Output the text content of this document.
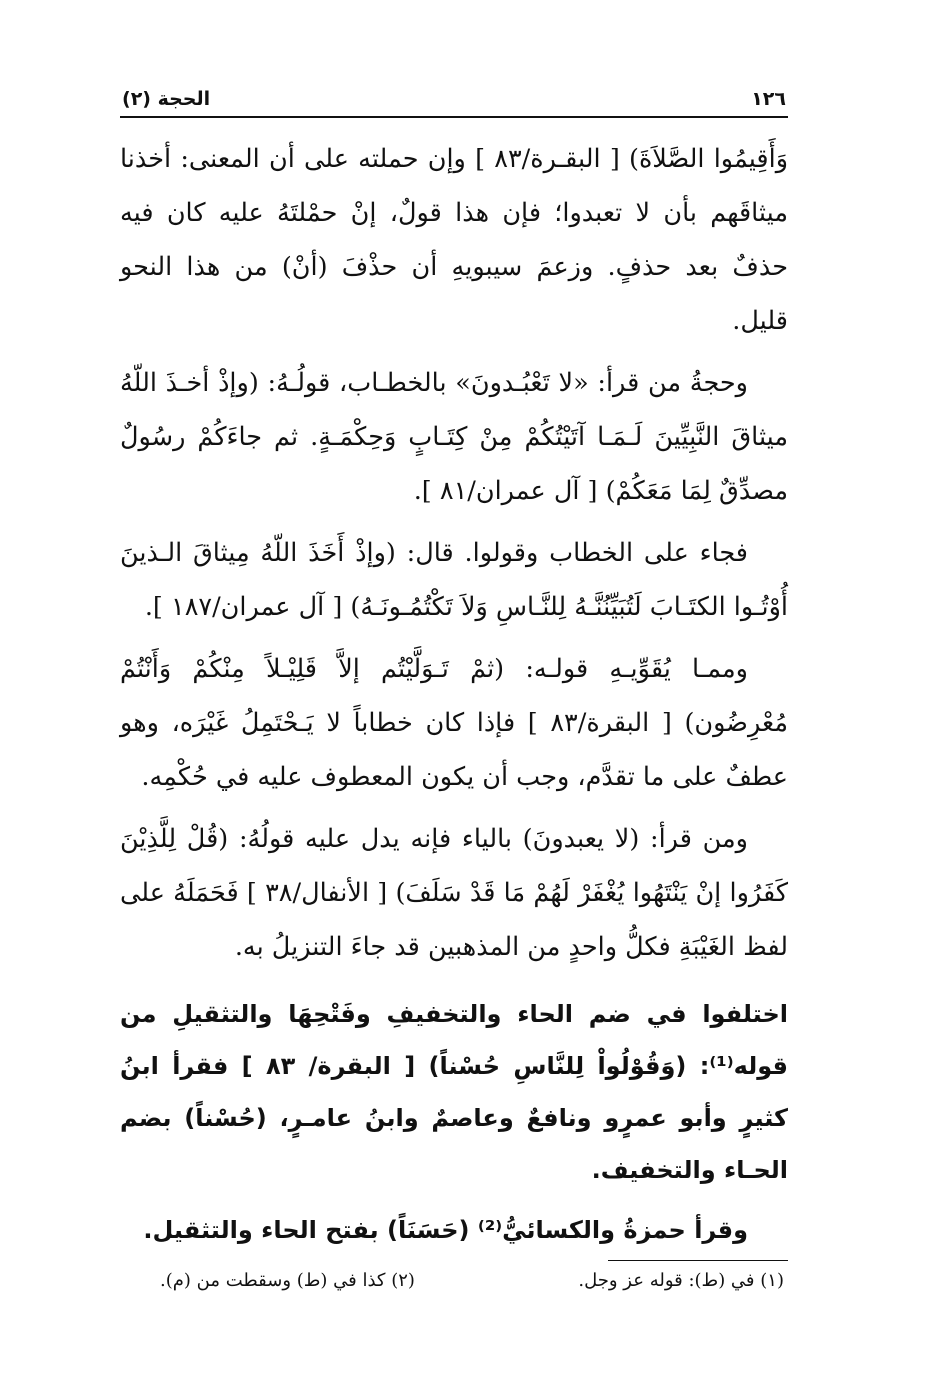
١٢٦
الحجة (٢)

وَأَقِيمُوا الصَّلاَةَ) [ البقـرة/٨٣ ] وإن حملته على أن المعنى: أخذنا ميثاقَهم بأن لا تعبدوا؛ فإن هذا قولٌ، إنْ حمْلتَهُ عليه كان فيه حذفٌ بعد حذفٍ. وزعمَ سيبويهِ أن حذْفَ (أنْ) من هذا النحو قليل.

وحجةُ من قرأ: «لا تَعْبُـدونَ» بالخطـاب، قولُـهُ: (وإذْ أخـذَ اللّهُ ميثاقَ النَّبِيِّينَ لَـمَـا آتَيْتُكُمْ مِنْ كِتَـابٍ وَحِكْمَـةٍ. ثم جاءَكُمْ رسُولٌ مصدِّقٌ لِمَا مَعَكُمْ) [ آل عمران/٨١ ].

فجاء على الخطاب وقولوا. قال: (وإذْ أَخَذَ اللّهُ مِيثاقَ الـذينَ أُوْتُـوا الكتَـابَ لَتُبَيِّنُنَّـهُ لِلنَّـاسِ وَلاَ تَكْتُمُـونَـهُ) [ آل عمران/١٨٧ ].

وممـا يُقَوِّيـهِ قولـه: (ثمْ تَـوَلَّيْتُم إلاَّ قَلِيْـلاً مِنْكُمْ وَأَنْتُمْ مُعْرِضُون) [ البقرة/٨٣ ] فإذا كان خطاباً لا يَـحْتَمِلُ غَيْرَه، وهو عطفٌ على ما تقدَّم، وجب أن يكون المعطوف عليه في حُكْمِه.

ومن قرأ: (لا يعبدونَ) بالياء فإنه يدل عليه قولُهُ: (قُلْ لِلَّذِيْنَ كَفَرُوا إنْ يَنْتَهُوا يُغْفَرْ لَهُمْ مَا قَدْ سَلَفَ) [ الأنفال/٣٨ ] فَحَمَلَهُ على لفظ الغَيْبَةِ فكلُّ واحدٍ من المذهبين قد جاءَ التنزيلُ به.

اختلفوا في ضم الحاء والتخفيفِ وفَتْحِهَا والتثقيلِ من قوله⁽¹⁾: (وَقُوْلُواْ لِلنَّاسِ حُسْناً) [ البقرة/ ٨٣ ] فقرأ ابنُ كثيرٍ وأبو عمرٍو ونافعٌ وعاصمٌ وابنُ عامـرٍ، (حُسْناً) بضم الحـاء والتخفيف.

وقرأ حمزةُ والكسائيُّ⁽²⁾ (حَسَنَاً) بفتح الحاء والتثقيل.

(١) في (ط): قوله عز وجل.
(٢) كذا في (ط) وسقطت من (م).
